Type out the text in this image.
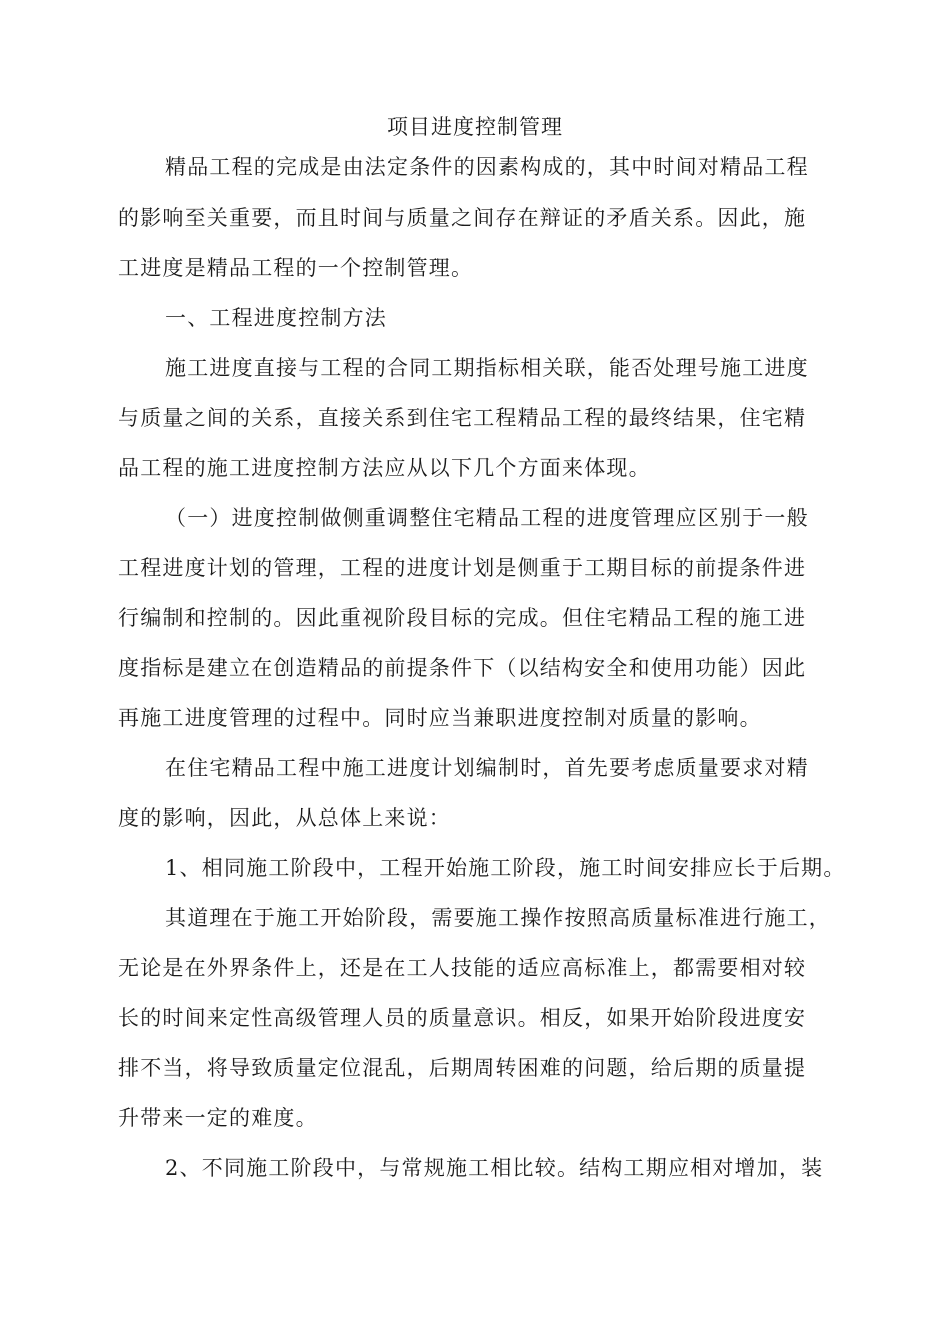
项目进度控制管理
精品工程的完成是由法定条件的因素构成的，其中时间对精品工程
的影响至关重要，而且时间与质量之间存在辩证的矛盾关系。因此，施
工进度是精品工程的一个控制管理。
一、工程进度控制方法
施工进度直接与工程的合同工期指标相关联，能否处理号施工进度
与质量之间的关系，直接关系到住宅工程精品工程的最终结果，住宅精
品工程的施工进度控制方法应从以下几个方面来体现。
（一）进度控制做侧重调整住宅精品工程的进度管理应区别于一般
工程进度计划的管理，工程的进度计划是侧重于工期目标的前提条件进
行编制和控制的。因此重视阶段目标的完成。但住宅精品工程的施工进
度指标是建立在创造精品的前提条件下（以结构安全和使用功能）因此
再施工进度管理的过程中。同时应当兼职进度控制对质量的影响。
在住宅精品工程中施工进度计划编制时，首先要考虑质量要求对精
度的影响，因此，从总体上来说：
1、相同施工阶段中，工程开始施工阶段，施工时间安排应长于后期。
其道理在于施工开始阶段，需要施工操作按照高质量标准进行施工，
无论是在外界条件上，还是在工人技能的适应高标准上，都需要相对较
长的时间来定性高级管理人员的质量意识。相反，如果开始阶段进度安
排不当，将导致质量定位混乱，后期周转困难的问题，给后期的质量提
升带来一定的难度。
2、不同施工阶段中，与常规施工相比较。结构工期应相对增加，装
